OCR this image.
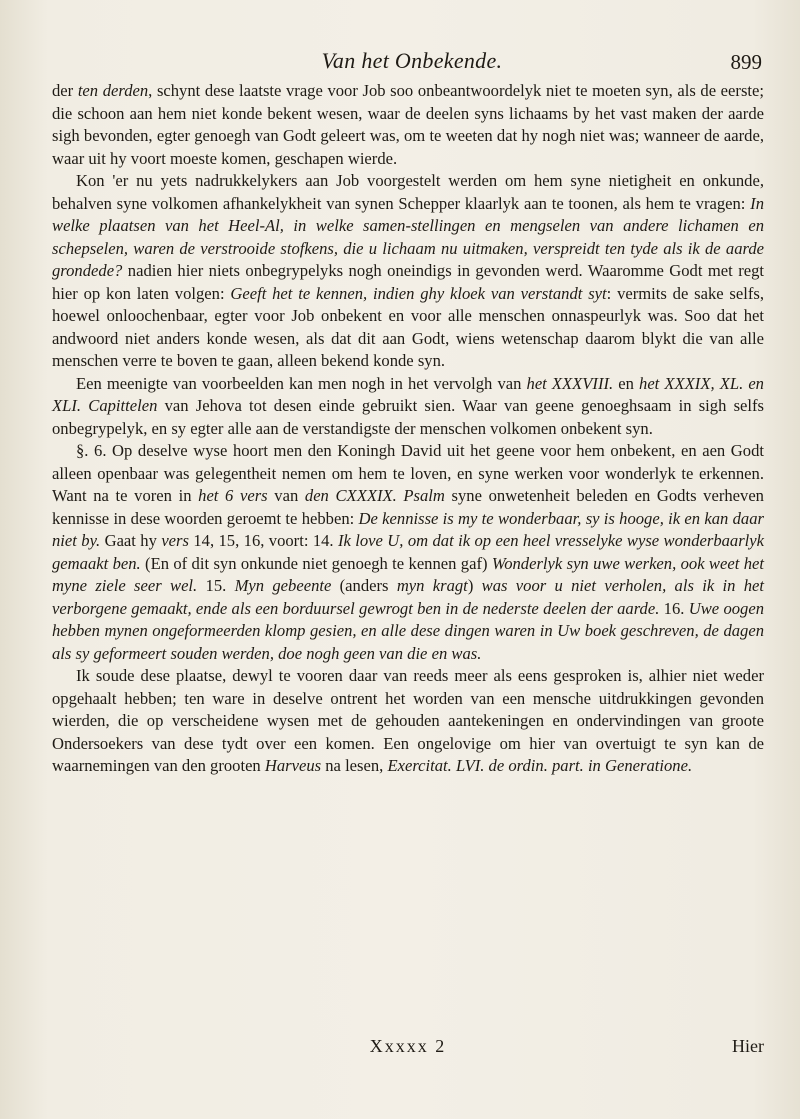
Van het Onbekende.	899

der ten derden, schynt dese laatste vrage voor Job soo onbeantwoordelyk niet te moeten syn, als de eerste; die schoon aan hem niet konde bekent wesen, waar de deelen syns lichaams by het vast maken der aarde sigh bevonden, egter genoegh van Godt geleert was, om te weeten dat hy nogh niet was; wanneer de aarde, waar uit hy voort moeste komen, geschapen wierde.

Kon 'er nu yets nadrukkelykers aan Job voorgestelt werden om hem syne nietigheit en onkunde, behalven syne volkomen afhankelykheit van synen Schepper klaarlyk aan te toonen, als hem te vragen: In welke plaatsen van het Heel-Al, in welke samen-stellingen en mengselen van andere lichamen en schepselen, waren de verstrooide stofkens, die u lichaam nu uitmaken, verspreidt ten tyde als ik de aarde grondede? nadien hier niets onbegrypelyks nogh oneindigs in gevonden werd. Waaromme Godt met regt hier op kon laten volgen: Geeft het te kennen, indien ghy kloek van verstandt syt: vermits de sake selfs, hoewel onloochenbaar, egter voor Job onbekent en voor alle menschen onnaspeurlyk was. Soo dat het andwoord niet anders konde wesen, als dat dit aan Godt, wiens wetenschap daarom blykt die van alle menschen verre te boven te gaan, alleen bekend konde syn.

Een meenigte van voorbeelden kan men nogh in het vervolgh van het XXXVIII. en het XXXIX, XL. en XLI. Capittelen van Jehova tot desen einde gebruikt sien. Waar van geene genoeghsaam in sigh selfs onbegrypelyk, en sy egter alle aan de verstandigste der menschen volkomen onbekent syn.

§. 6. Op deselve wyse hoort men den Koningh David uit het geene voor hem onbekent, en aen Godt alleen openbaar was gelegentheit nemen om hem te loven, en syne werken voor wonderlyk te erkennen. Want na te voren in het 6 vers van den CXXXIX. Psalm syne onwetenheit beleden en Godts verheven kennisse in dese woorden geroemt te hebben: De kennisse is my te wonderbaar, sy is hooge, ik en kan daar niet by. Gaat hy vers 14, 15, 16, voort: 14. Ik love U, om dat ik op een heel vresselyke wyse wonderbaarlyk gemaakt ben. (En of dit syn onkunde niet genoegh te kennen gaf) Wonderlyk syn uwe werken, ook weet het myne ziele seer wel. 15. Myn gebeente (anders myn kragt) was voor u niet verholen, als ik in het verborgene gemaakt, ende als een borduursel gewrogt ben in de nederste deelen der aarde. 16. Uwe oogen hebben mynen ongeformeerden klomp gesien, en alle dese dingen waren in Uw boek geschreven, de dagen als sy geformeert souden werden, doe nogh geen van die en was.

Ik soude dese plaatse, dewyl te vooren daar van reeds meer als eens gesproken is, alhier niet weder opgehaalt hebben; ten ware in deselve ontrent het worden van een mensche uitdrukkingen gevonden wierden, die op verscheidene wysen met de gehouden aantekeningen en ondervindingen van groote Ondersoekers van dese tydt over een komen. Een ongelovige om hier van overtuigt te syn kan de waarnemingen van den grooten Harveus na lesen, Exercitat. LVI. de ordin. part. in Generatione.

Xxxxx 2	Hier
